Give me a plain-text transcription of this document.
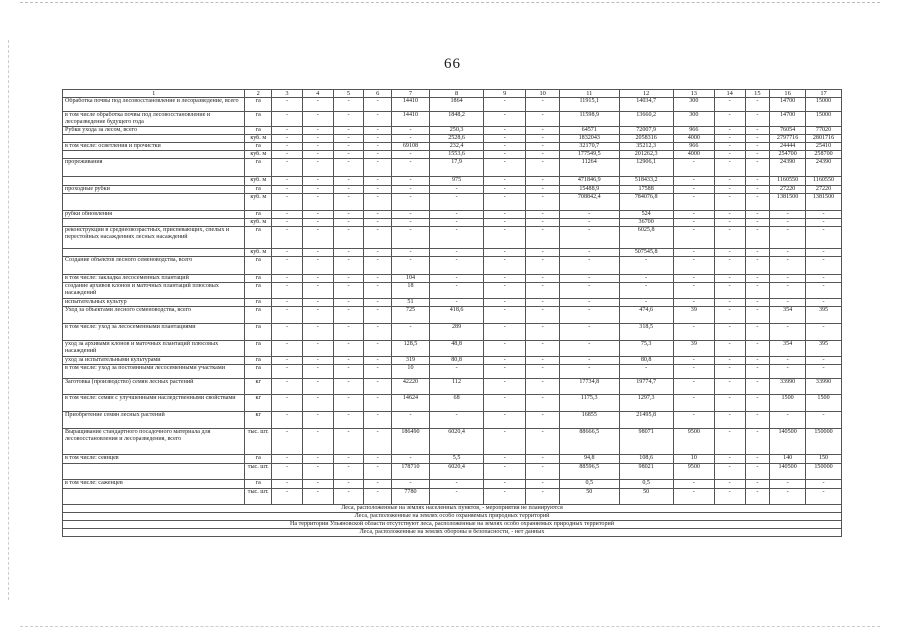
66
1	2	3	4	5	6	7	8	9	10	11	12	13	14	15	16	17
Обработка почвы под лесовосстановление и лесоразведение, всего	га	-	-	-	-	14410	1864	-	-	11915,1	14034,7	300	-	-	14700	15000
в том числе обработка почвы под лесовосстановление и лесоразведение будущего года	га	-	-	-	-	14410	1848,2	-	-	11598,9	13660,2	300	-	-	14700	15000
Рубки ухода за лесом, всего	га	-	-	-	-	-	250,3	-	-	64571	72007,9	966	-	-	76054	77020
	куб. м	-	-	-	-	-	2528,6	-	-	1832043	2058316	4000	-	-	2797716	2801716
в том числе: осветления и прочистки	га	-	-	-	-	69108	232,4	-	-	32170,7	35212,3	966	-	-	24444	25410
	куб. м	-	-	-	-	-	1553,6	-	-	177549,5	201262,3	4000	-	-	254700	258700
прореживания	га	-	-	-	-	-	17,9	-	-	11264	12906,1	-	-	-	24390	24390
	куб. м	-	-	-	-	-	975	-	-	471846,9	518433,2	-	-	-	1160550	1160550
проходные рубки	га	-	-	-	-	-	-	-	-	15488,9	17588	-	-	-	27220	27220
	куб. м	-	-	-	-	-	-	-	-	708842,4	784076,8	-	-	-	1381500	1381500
рубки обновления	га	-	-	-	-	-	-	-	-	-	524	-	-	-	-	-
	куб. м	-	-	-	-	-	-	-	-	-	36700	-	-	-	-	-
реконструкции в среднеовозрастных, приспевающих, спелых и перестойных насаждениях лесных насаждений	га	-	-	-	-	-	-	-	-	-	6025,8	-	-	-	-	-
	куб. м	-	-	-	-	-	-	-	-	-	507545,8	-	-	-	-	-
Создание объектов лесного семеноводства, всего	га	-	-	-	-	-	-	-	-	-	-	-	-	-	-	-
в том числе: закладка лесосеменных плантаций	га	-	-	-	-	104	-	-	-	-	-	-	-	-	-	-
создание архивов клонов и маточных плантаций плюсовых насаждений	га	-	-	-	-	18	-	-	-	-	-	-	-	-	-	-
испытательных культур	га	-	-	-	-	51	-	-	-	-	-	-	-	-	-	-
Уход за объектами лесного семеноводства, всего	га	-	-	-	-	725	418,6	-	-	-	474,6	39	-	-	354	395
в том числе: уход за лесосеменными плантациями	га	-	-	-	-	-	289	-	-	-	318,5	-	-	-	-	-
уход за архивами клонов и маточных плантаций плюсовых насаждений	га	-	-	-	-	128,5	48,8	-	-	-	75,3	39	-	-	354	395
уход за испытательными культурами	га	-	-	-	-	319	80,8	-	-	-	80,8	-	-	-	-	-
в том числе: уход за постоянными лесосеменными участками	га	-	-	-	-	10	-	-	-	-	-	-	-	-	-	-
Заготовка (производство) семян лесных растений	кг	-	-	-	-	42220	112	-	-	17734,8	19774,7	-	-	-	33990	33990
в том числе: семян с улучшенными наследственными свойствами	кг	-	-	-	-	14624	68	-	-	1175,3	1297,3	-	-	-	1500	1500
Приобретение семян лесных растений	кг	-	-	-	-	-	-	-	-	16855	21495,8	-	-	-	-	-
Выращивание стандартного посадочного материала для лесовосстановления и лесоразведения, всего	тыс. шт.	-	-	-	-	186490	6020,4	-	-	88666,5	98071	9500	-	-	140500	150000
в том числе: сеянцев	га	-	-	-	-	-	5,5	-	-	94,8	108,6	10	-	-	140	150
	тыс. шт.	-	-	-	-	178710	6020,4	-	-	88596,5	98021	9500	-	-	140500	150000
в том числе: саженцев	га	-	-	-	-	-	-	-	-	0,5	0,5	-	-	-	-	-
	тыс. шт.	-	-	-	-	7780	-	-	-	50	50	-	-	-	-	-
Леса, расположенные на землях населенных пунктов, - мероприятия не планируются																
Леса, расположенные на землях особо охраняемых природных территорий																
На территории Ульяновской области отсутствуют леса, расположенные на землях особо охраняемых природных территорий																
Леса, расположенные на землях обороны и безопасности, - нет данных																
